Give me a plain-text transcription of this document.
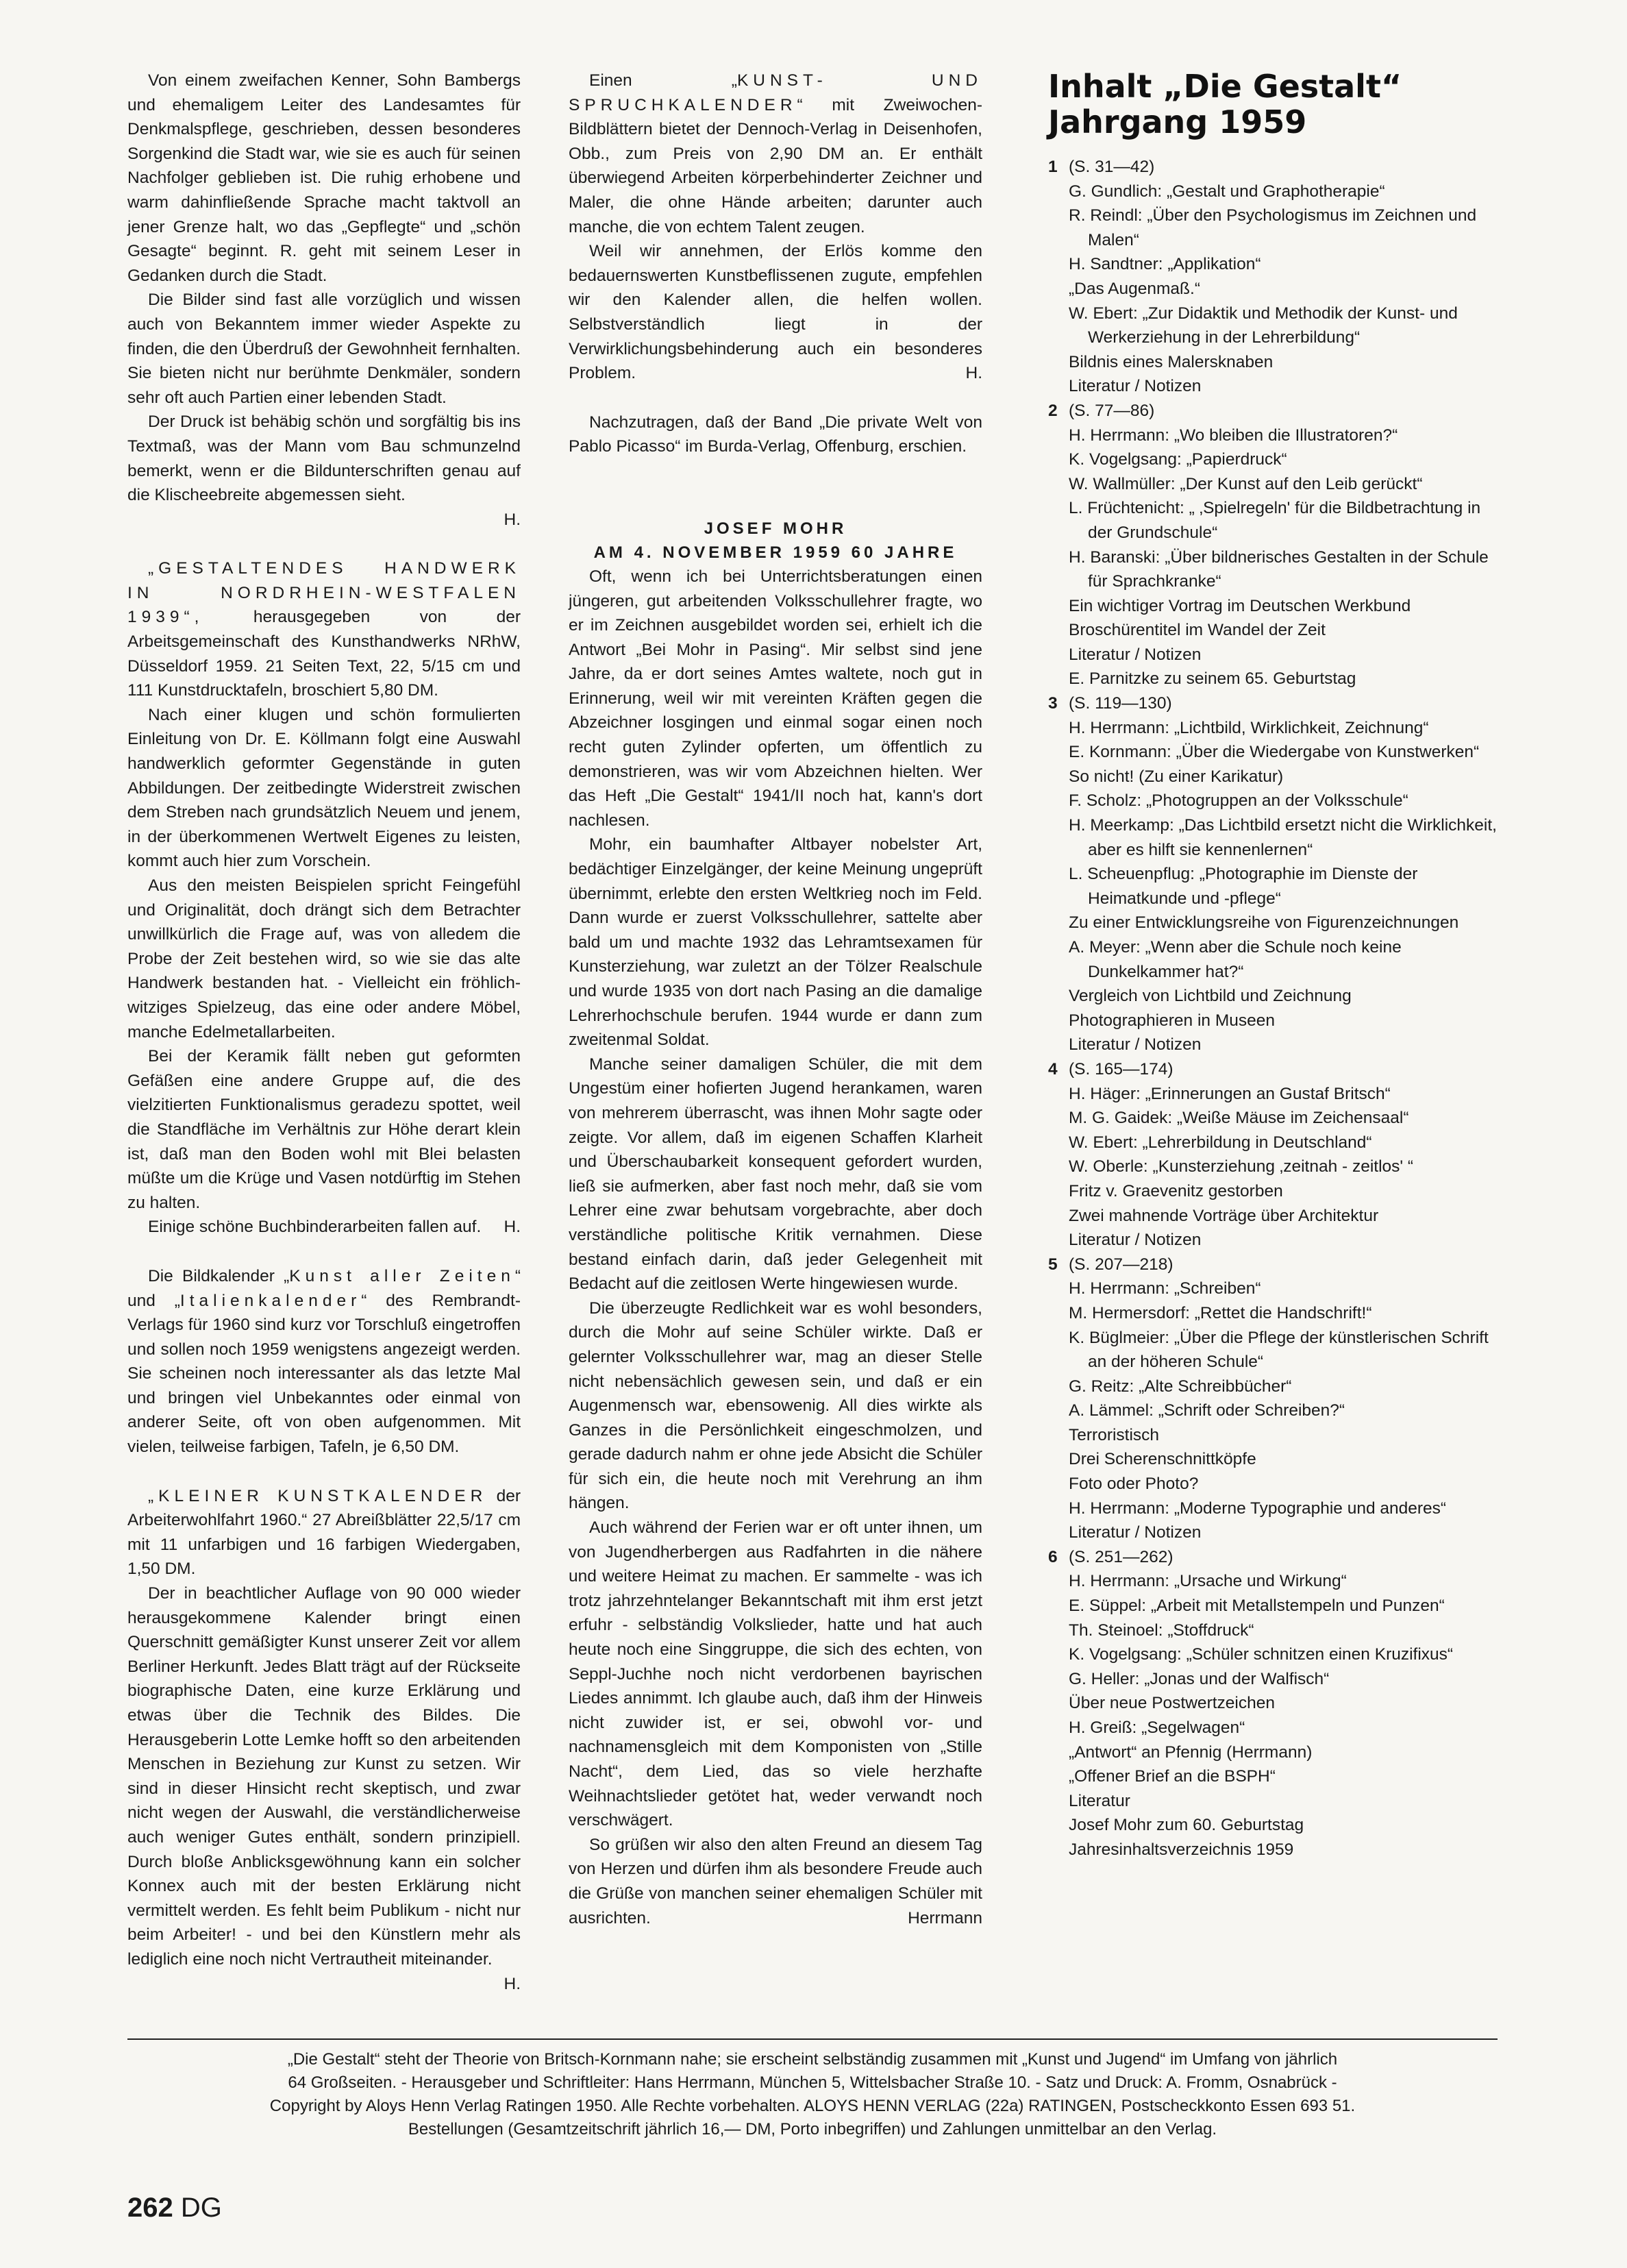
Von einem zweifachen Kenner, Sohn Bambergs und ehemaligem Leiter des Landesamtes für Denkmalspflege, geschrieben, dessen besonderes Sorgenkind die Stadt war, wie sie es auch für seinen Nachfolger geblieben ist. Die ruhig erhobene und warm dahinfließende Sprache macht taktvoll an jener Grenze halt, wo das „Gepflegte“ und „schön Gesagte“ beginnt. R. geht mit seinem Leser in Gedanken durch die Stadt.

Die Bilder sind fast alle vorzüglich und wissen auch von Bekanntem immer wieder Aspekte zu finden, die den Überdruß der Gewohnheit fernhalten. Sie bieten nicht nur berühmte Denkmäler, sondern sehr oft auch Partien einer lebenden Stadt.

Der Druck ist behäbig schön und sorgfältig bis ins Textmaß, was der Mann vom Bau schmunzelnd bemerkt, wenn er die Bildunterschriften genau auf die Klischeebreite abgemessen sieht.
H.

„GESTALTENDES HANDWERK IN NORDRHEIN-WESTFALEN 1939“,	herausgegeben von der Arbeitsgemeinschaft des Kunsthandwerks NRhW, Düsseldorf 1959. 21 Seiten Text, 22, 5/15 cm und 111 Kunstdrucktafeln, broschiert 5,80 DM.

Nach einer klugen und schön formulierten Einleitung von Dr. E. Köllmann folgt eine Auswahl handwerklich geformter Gegenstände in guten Abbildungen. Der zeitbedingte Widerstreit zwischen dem Streben nach grundsätzlich Neuem und jenem, in der überkommenen Wertwelt Eigenes zu leisten, kommt auch hier zum Vorschein.

Aus den meisten Beispielen spricht Feingefühl und Originalität, doch drängt sich dem Betrachter unwillkürlich die Frage auf, was von alledem die Probe der Zeit bestehen wird, so wie sie das alte Handwerk bestanden hat. - Vielleicht ein fröhlich-witziges Spielzeug, das eine oder andere Möbel, manche Edelmetallarbeiten.

Bei der Keramik fällt neben gut geformten Gefäßen eine andere Gruppe auf, die des vielzitierten Funktionalismus geradezu spottet, weil die Standfläche im Verhältnis zur Höhe derart klein ist, daß man den Boden wohl mit Blei belasten müßte um die Krüge und Vasen notdürftig im Stehen zu halten.

Einige schöne Buchbinderarbeiten fallen auf.	H.

Die Bildkalender „Kunst aller Zeiten“ und „Italienkalender“ des Rembrandt-Verlags für 1960 sind kurz vor Torschluß eingetroffen und sollen noch 1959 wenigstens angezeigt werden. Sie scheinen noch interessanter als das letzte Mal und bringen viel Unbekanntes oder einmal von anderer Seite, oft von oben aufgenommen. Mit vielen, teilweise farbigen, Tafeln, je 6,50 DM.

„KLEINER KUNSTKALENDER der Arbeiterwohlfahrt 1960.“ 27 Abreißblätter 22,5/17 cm mit 11 unfarbigen und 16 farbigen Wiedergaben, 1,50 DM.

Der in beachtlicher Auflage von 90 000 wieder herausgekommene Kalender bringt einen Querschnitt gemäßigter Kunst unserer Zeit vor allem Berliner Herkunft. Jedes Blatt trägt auf der Rückseite biographische Daten, eine kurze Erklärung und etwas über die Technik des Bildes. Die Herausgeberin Lotte Lemke hofft so den arbeitenden Menschen in Beziehung zur Kunst zu setzen. Wir sind in dieser Hinsicht recht skeptisch, und zwar nicht wegen der Auswahl, die verständlicherweise auch weniger Gutes enthält, sondern prinzipiell. Durch bloße Anblicksgewöhnung kann ein solcher Konnex auch mit der besten Erklärung nicht vermittelt werden. Es fehlt beim Publikum - nicht nur beim Arbeiter! - und bei den Künstlern mehr als lediglich eine noch nicht Vertrautheit miteinander.
H.

Einen „KUNST- UND SPRUCHKALENDER“ mit Zweiwochen-Bildblättern bietet der Dennoch-Verlag in Deisenhofen, Obb., zum Preis von 2,90 DM an. Er enthält überwiegend Arbeiten körperbehinderter Zeichner und Maler, die ohne Hände arbeiten; darunter auch manche, die von echtem Talent zeugen.

Weil wir annehmen, der Erlös komme den bedauernswerten Kunstbeflissenen zugute, empfehlen wir den Kalender allen, die helfen wollen. Selbstverständlich liegt in der Verwirklichungsbehinderung auch ein besonderes Problem.	H.

Nachzutragen, daß der Band „Die private Welt von Pablo Picasso“ im Burda-Verlag, Offenburg, erschien.

JOSEF MOHR

AM 4. NOVEMBER 1959 60 JAHRE

Oft, wenn ich bei Unterrichtsberatungen einen jüngeren, gut arbeitenden Volksschullehrer fragte, wo er im Zeichnen ausgebildet worden sei, erhielt ich die Antwort „Bei Mohr in Pasing“. Mir selbst sind jene Jahre, da er dort seines Amtes waltete, noch gut in Erinnerung, weil wir mit vereinten Kräften gegen die Abzeichner losgingen und einmal sogar einen noch recht guten Zylinder opferten, um öffentlich zu demonstrieren, was wir vom Abzeichnen hielten. Wer das Heft „Die Gestalt“ 1941/II noch hat, kann's dort nachlesen.

Mohr, ein baumhafter Altbayer nobelster Art, bedächtiger Einzelgänger, der keine Meinung ungeprüft übernimmt, erlebte den ersten Weltkrieg noch im Feld. Dann wurde er zuerst Volksschullehrer, sattelte aber bald um und machte 1932 das Lehramtsexamen für Kunsterziehung, war zuletzt an der Tölzer Realschule und wurde 1935 von dort nach Pasing an die damalige Lehrerhochschule berufen. 1944 wurde er dann zum zweitenmal Soldat.

Manche seiner damaligen Schüler, die mit dem Ungestüm einer hofierten Jugend herankamen, waren von mehrerem überrascht, was ihnen Mohr sagte oder zeigte. Vor allem, daß im eigenen Schaffen Klarheit und Überschaubarkeit konsequent gefordert wurden, ließ sie aufmerken, aber fast noch mehr, daß sie vom Lehrer eine zwar behutsam vorgebrachte, aber doch verständliche politische Kritik vernahmen. Diese bestand einfach darin, daß jeder Gelegenheit mit Bedacht auf die zeitlosen Werte hingewiesen wurde.

Die überzeugte Redlichkeit war es wohl besonders, durch die Mohr auf seine Schüler wirkte. Daß er gelernter Volksschullehrer war, mag an dieser Stelle nicht nebensächlich gewesen sein, und daß er ein Augenmensch war, ebensowenig. All dies wirkte als Ganzes in die Persönlichkeit eingeschmolzen, und gerade dadurch nahm er ohne jede Absicht die Schüler für sich ein, die heute noch mit Verehrung an ihm hängen.

Auch während der Ferien war er oft unter ihnen, um von Jugendherbergen aus Radfahrten in die nähere und weitere Heimat zu machen. Er sammelte - was ich trotz jahrzehntelanger Bekanntschaft mit ihm erst jetzt erfuhr - selbständig Volkslieder, hatte und hat auch heute noch eine Singgruppe, die sich des echten, von Seppl-Juchhe noch nicht verdorbenen bayrischen Liedes annimmt. Ich glaube auch, daß ihm der Hinweis nicht zuwider ist, er sei, obwohl vor- und nachnamensgleich mit dem Komponisten von „Stille Nacht“, dem Lied, das so viele herzhafte Weihnachtslieder getötet hat, weder verwandt noch verschwägert.

So grüßen wir also den alten Freund an diesem Tag von Herzen und dürfen ihm als besondere Freude auch die Grüße von manchen seiner ehemaligen Schüler mit ausrichten.	Herrmann

Inhalt „Die Gestalt“
Jahrgang 1959
1 (S. 31—42)
G. Gundlich: „Gestalt und Graphotherapie“
R. Reindl: „Über den Psychologismus im Zeichnen und Malen“
H. Sandtner: „Applikation“
„Das Augenmaß.“
W. Ebert: „Zur Didaktik und Methodik der Kunst- und Werkerziehung in der Lehrerbildung“
Bildnis eines Malersknaben
Literatur / Notizen
2 (S. 77—86)
H. Herrmann: „Wo bleiben die Illustratoren?“
K. Vogelgsang: „Papierdruck“
W. Wallmüller: „Der Kunst auf den Leib gerückt“
L. Früchtenicht: „ ‚Spielregeln' für die Bildbetrachtung in der Grundschule“
H. Baranski: „Über bildnerisches Gestalten in der Schule für Sprachkranke“
Ein wichtiger Vortrag im Deutschen Werkbund
Broschürentitel im Wandel der Zeit
Literatur / Notizen
E. Parnitzke zu seinem 65. Geburtstag
3 (S. 119—130)
H. Herrmann: „Lichtbild, Wirklichkeit, Zeichnung“
E. Kornmann: „Über die Wiedergabe von Kunstwerken“
So nicht! (Zu einer Karikatur)
F. Scholz: „Photogruppen an der Volksschule“
H. Meerkamp: „Das Lichtbild ersetzt nicht die Wirklichkeit, aber es hilft sie kennenlernen“
L. Scheuenpflug: „Photographie im Dienste der Heimatkunde und -pflege“
Zu einer Entwicklungsreihe von Figurenzeichnungen
A. Meyer: „Wenn aber die Schule noch keine Dunkelkammer hat?“
Vergleich von Lichtbild und Zeichnung
Photographieren in Museen
Literatur / Notizen
4 (S. 165—174)
H. Häger: „Erinnerungen an Gustaf Britsch“
M. G. Gaidek: „Weiße Mäuse im Zeichensaal“
W. Ebert: „Lehrerbildung in Deutschland“
W. Oberle: „Kunsterziehung ‚zeitnah - zeitlos' “
Fritz v. Graevenitz gestorben
Zwei mahnende Vorträge über Architektur
Literatur / Notizen
5 (S. 207—218)
H. Herrmann: „Schreiben“
M. Hermersdorf: „Rettet die Handschrift!“
K. Büglmeier: „Über die Pflege der künstlerischen Schrift an der höheren Schule“
G. Reitz: „Alte Schreibbücher“
A. Lämmel: „Schrift oder Schreiben?“
Terroristisch
Drei Scherenschnittköpfe
Foto oder Photo?
H. Herrmann: „Moderne Typographie und anderes“
Literatur / Notizen
6 (S. 251—262)
H. Herrmann: „Ursache und Wirkung“
E. Süppel: „Arbeit mit Metallstempeln und Punzen“
Th. Steinoel: „Stoffdruck“
K. Vogelgsang: „Schüler schnitzen einen Kruzifixus“
G. Heller: „Jonas und der Walfisch“
Über neue Postwertzeichen
H. Greiß: „Segelwagen“
„Antwort“ an Pfennig (Herrmann)
„Offener Brief an die BSPH“
Literatur
Josef Mohr zum 60. Geburtstag
Jahresinhaltsverzeichnis 1959

„Die Gestalt“ steht der Theorie von Britsch-Kornmann nahe; sie erscheint selbständig zusammen mit „Kunst und Jugend“ im Umfang von jährlich

64 Großseiten. - Herausgeber und Schriftleiter: Hans Herrmann, München 5, Wittelsbacher Straße 10. - Satz und Druck: A. Fromm, Osnabrück -

Copyright by Aloys Henn Verlag Ratingen 1950. Alle Rechte vorbehalten. ALOYS HENN VERLAG (22a) RATINGEN, Postscheckkonto Essen 693 51.

Bestellungen (Gesamtzeitschrift jährlich 16,— DM, Porto inbegriffen) und Zahlungen unmittelbar an den Verlag.

262 DG
